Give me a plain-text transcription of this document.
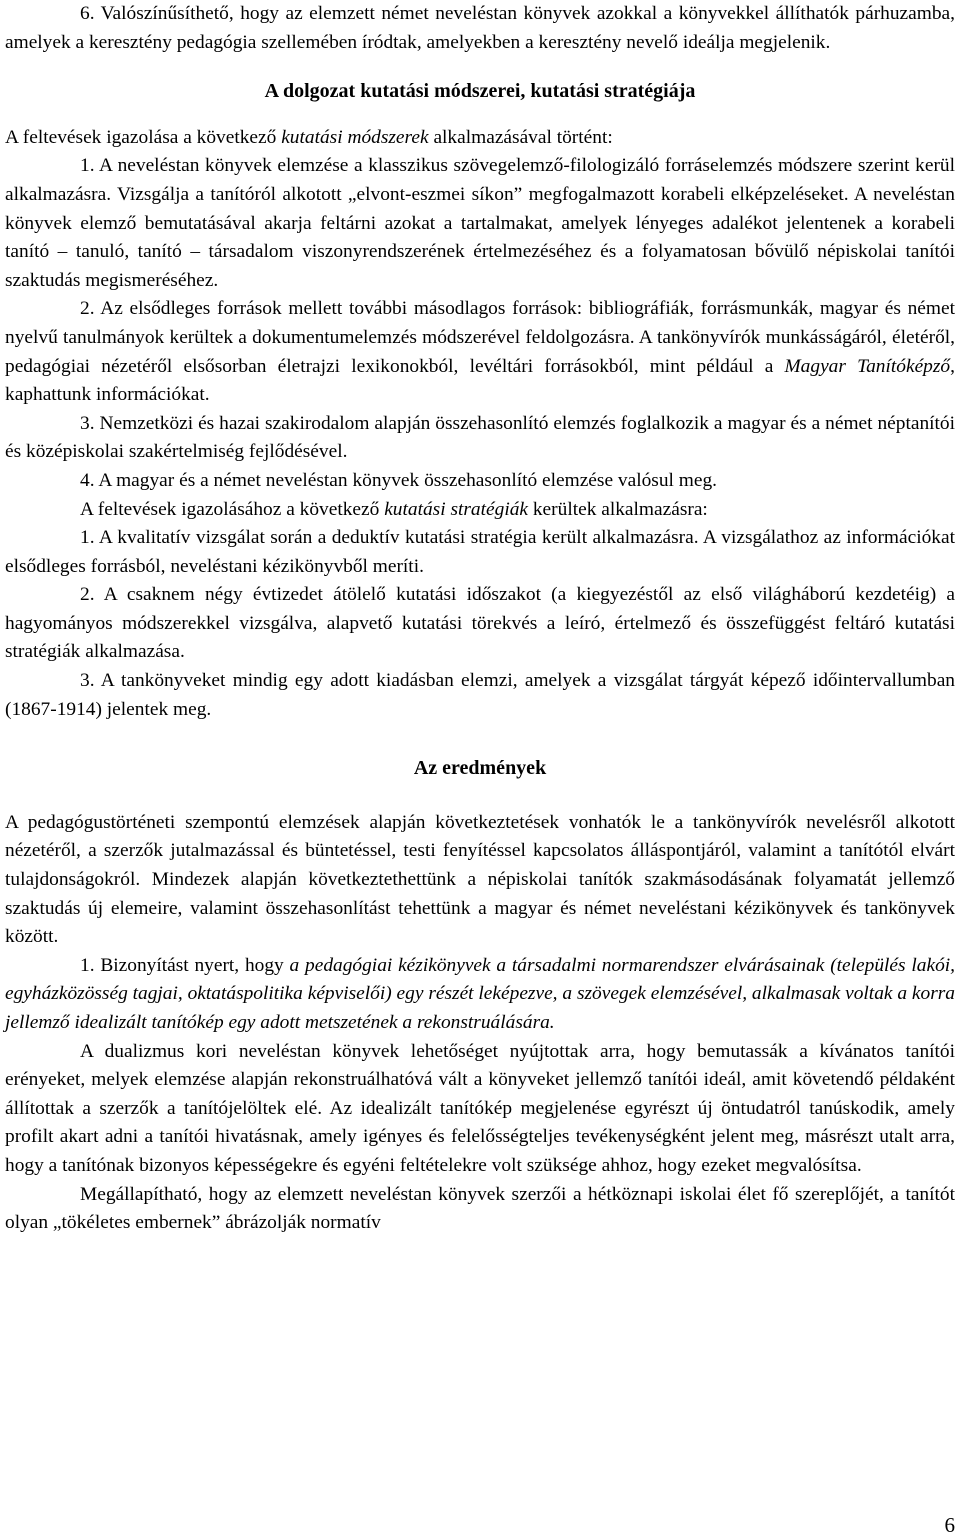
6. Valószínűsíthető, hogy az elemzett német neveléstan könyvek azokkal a könyvekkel állíthatók párhuzamba, amelyek a keresztény pedagógia szellemében íródtak, amelyekben a keresztény nevelő ideálja megjelenik.

A dolgozat kutatási módszerei, kutatási stratégiája

A feltevések igazolása a következő kutatási módszerek alkalmazásával történt:

1. A neveléstan könyvek elemzése a klasszikus szövegelemző-filologizáló forráselemzés módszere szerint kerül alkalmazásra. Vizsgálja a tanítóról alkotott „elvont-eszmei síkon” megfogalmazott korabeli elképzeléseket. A neveléstan könyvek elemző bemutatásával akarja feltárni azokat a tartalmakat, amelyek lényeges adalékot jelentenek a korabeli tanító – tanuló, tanító – társadalom viszonyrendszerének értelmezéséhez és a folyamatosan bővülő népiskolai tanítói szaktudás megismeréséhez.

2. Az elsődleges források mellett további másodlagos források: bibliográfiák, forrásmunkák, magyar és német nyelvű tanulmányok kerültek a dokumentumelemzés módszerével feldolgozásra. A tankönyvírók munkásságáról, életéről, pedagógiai nézetéről elsősorban életrajzi lexikonokból, levéltári forrásokból, mint például a Magyar Tanítóképző, kaphattunk információkat.

3. Nemzetközi és hazai szakirodalom alapján összehasonlító elemzés foglalkozik a magyar és a német néptanítói és középiskolai szakértelmiség fejlődésével.

4. A magyar és a német neveléstan könyvek összehasonlító elemzése valósul meg.

A feltevések igazolásához a következő kutatási stratégiák kerültek alkalmazásra:

1. A kvalitatív vizsgálat során a deduktív kutatási stratégia került alkalmazásra. A vizsgálathoz az információkat elsődleges forrásból, neveléstani kézikönyvből meríti.

2. A csaknem négy évtizedet átölelő kutatási időszakot (a kiegyezéstől az első világháború kezdetéig) a hagyományos módszerekkel vizsgálva, alapvető kutatási törekvés a leíró, értelmező és összefüggést feltáró kutatási stratégiák alkalmazása.

3. A tankönyveket mindig egy adott kiadásban elemzi, amelyek a vizsgálat tárgyát képező időintervallumban (1867-1914) jelentek meg.

Az eredmények

A pedagógustörténeti szempontú elemzések alapján következtetések vonhatók le a tankönyvírók nevelésről alkotott nézetéről, a szerzők jutalmazással és büntetéssel, testi fenyítéssel kapcsolatos álláspontjáról, valamint a tanítótól elvárt tulajdonságokról. Mindezek alapján következtethettünk a népiskolai tanítók szakmásodásának folyamatát jellemző szaktudás új elemeire, valamint összehasonlítást tehettünk a magyar és német neveléstani kézikönyvek és tankönyvek között.

1. Bizonyítást nyert, hogy a pedagógiai kézikönyvek a társadalmi normarendszer elvárásainak (település lakói, egyházközösség tagjai, oktatáspolitika képviselői) egy részét leképezve, a szövegek elemzésével, alkalmasak voltak a korra jellemző idealizált tanítókép egy adott metszetének a rekonstruálására.

A dualizmus kori neveléstan könyvek lehetőséget nyújtottak arra, hogy bemutassák a kívánatos tanítói erényeket, melyek elemzése alapján rekonstruálhatóvá vált a könyveket jellemző tanítói ideál, amit követendő példaként állítottak a szerzők a tanítójelöltek elé. Az idealizált tanítókép megjelenése egyrészt új öntudatról tanúskodik, amely profilt akart adni a tanítói hivatásnak, amely igényes és felelősségteljes tevékenységként jelent meg, másrészt utalt arra, hogy a tanítónak bizonyos képességekre és egyéni feltételekre volt szüksége ahhoz, hogy ezeket megvalósítsa.

Megállapítható, hogy az elemzett neveléstan könyvek szerzői a hétköznapi iskolai élet fő szereplőjét, a tanítót olyan „tökéletes embernek” ábrázolják normatív

6
